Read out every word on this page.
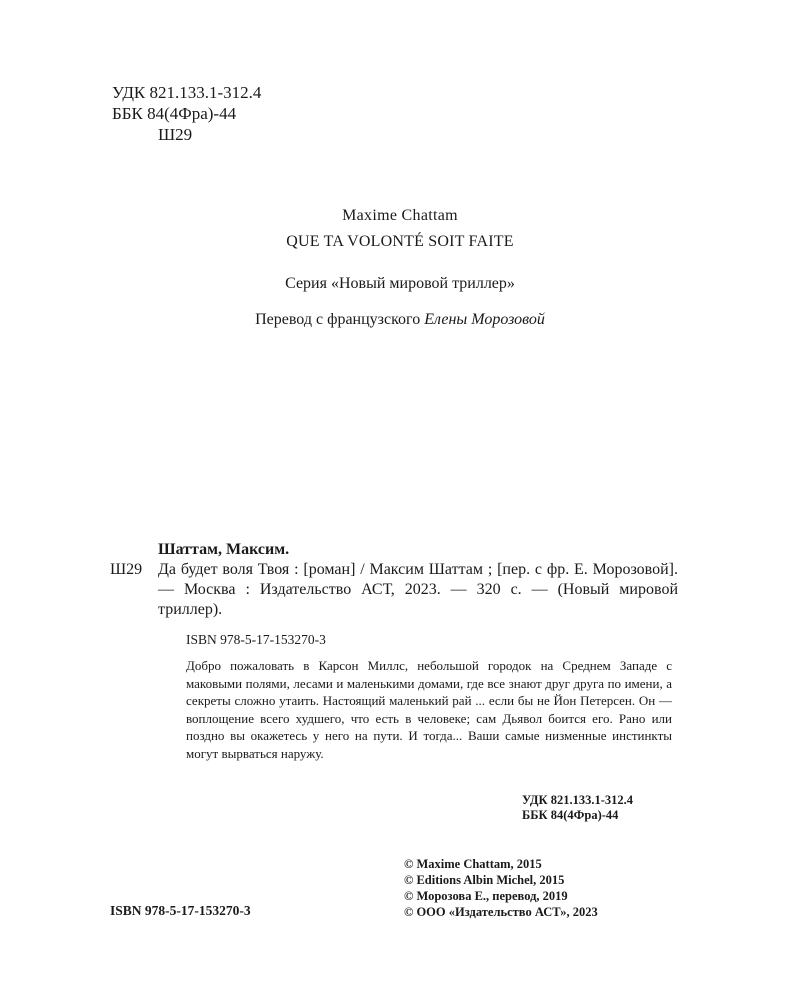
УДК 821.133.1-312.4
ББК 84(4Фра)-44
Ш29
Maxime Chattam
QUE TA VOLONTÉ SOIT FAITE
Серия «Новый мировой триллер»
Перевод с французского Елены Морозовой
Шаттам, Максим.
Ш29 Да будет воля Твоя : [роман] / Максим Шаттам ; [пер. с фр. Е. Морозовой]. — Москва : Издательство АСТ, 2023. — 320 с. — (Новый мировой триллер).
ISBN 978-5-17-153270-3

Добро пожаловать в Карсон Миллс, небольшой городок на Среднем Западе с маковыми полями, лесами и маленькими домами, где все знают друг друга по имени, а секреты сложно утаить. Настоящий маленький рай ... если бы не Йон Петерсен. Он — воплощение всего худшего, что есть в человеке; сам Дьявол боится его. Рано или поздно вы окажетесь у него на пути. И тогда... Ваши самые низменные инстинкты могут вырваться наружу.

УДК 821.133.1-312.4
ББК 84(4Фра)-44
© Maxime Chattam, 2015
© Editions Albin Michel, 2015
© Морозова Е., перевод, 2019
© ООО «Издательство АСТ», 2023
ISBN 978-5-17-153270-3
